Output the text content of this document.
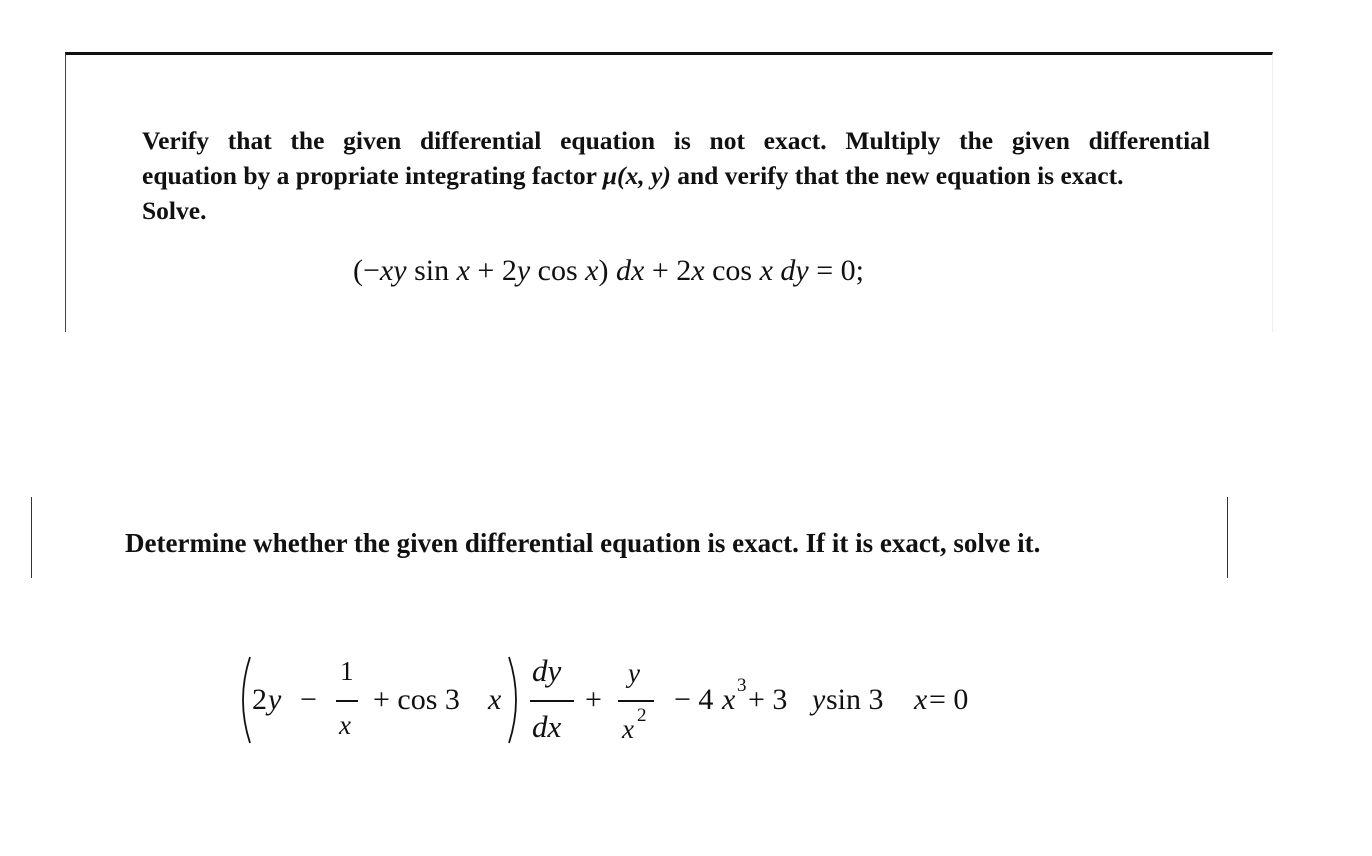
Verify that the given differential equation is not exact. Multiply the given differential
equation by a propriate integrating factor μ(x, y) and verify that the new equation is exact.
Solve.
(−xy sin x + 2y cos x) dx + 2x cos x dy = 0;

Determine whether the given differential equation is exact. If it is exact, solve it.

2 y −
1
x
+ cos 3 x
dy
dx
+
y
x 2 − 4 x 3 + 3 y sin 3 x = 0
